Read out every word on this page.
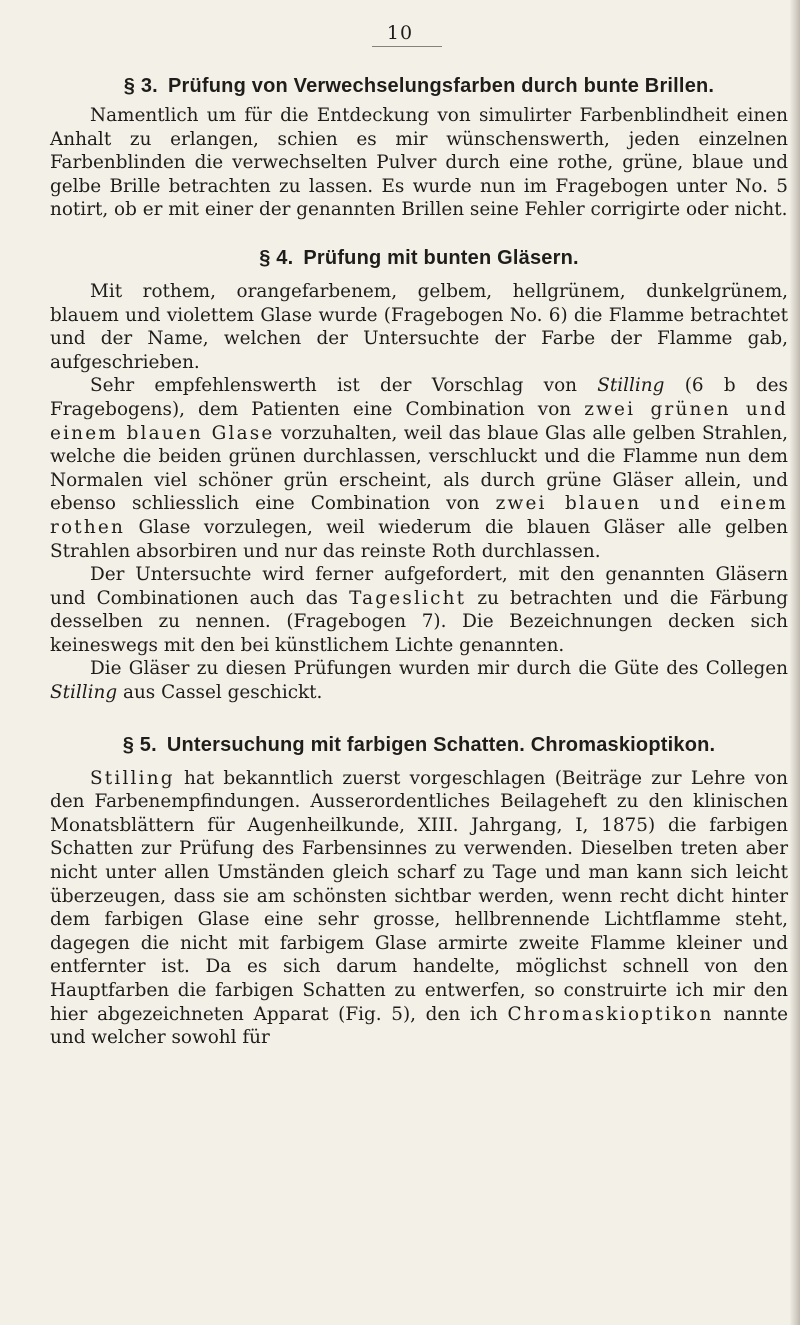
10
§ 3. Prüfung von Verwechselungsfarben durch bunte Brillen.

Namentlich um für die Entdeckung von simulirter Farbenblindheit einen Anhalt zu erlangen, schien es mir wünschenswerth, jeden einzelnen Farbenblinden die verwechselten Pulver durch eine rothe, grüne, blaue und gelbe Brille betrachten zu lassen. Es wurde nun im Fragebogen unter No. 5 notirt, ob er mit einer der genannten Brillen seine Fehler corrigirte oder nicht.

§ 4. Prüfung mit bunten Gläsern.

Mit rothem, orangefarbenem, gelbem, hellgrünem, dunkelgrünem, blauem und violettem Glase wurde (Fragebogen No. 6) die Flamme betrachtet und der Name, welchen der Untersuchte der Farbe der Flamme gab, aufgeschrieben.

Sehr empfehlenswerth ist der Vorschlag von Stilling (6 b des Fragebogens), dem Patienten eine Combination von zwei grünen und einem blauen Glase vorzuhalten, weil das blaue Glas alle gelben Strahlen, welche die beiden grünen durchlassen, verschluckt und die Flamme nun dem Normalen viel schöner grün erscheint, als durch grüne Gläser allein, und ebenso schliesslich eine Combination von zwei blauen und einem rothen Glase vorzulegen, weil wiederum die blauen Gläser alle gelben Strahlen absorbiren und nur das reinste Roth durchlassen.

Der Untersuchte wird ferner aufgefordert, mit den genannten Gläsern und Combinationen auch das Tageslicht zu betrachten und die Färbung desselben zu nennen. (Fragebogen 7). Die Bezeichnungen decken sich keineswegs mit den bei künstlichem Lichte genannten.

Die Gläser zu diesen Prüfungen wurden mir durch die Güte des Collegen Stilling aus Cassel geschickt.

§ 5. Untersuchung mit farbigen Schatten. Chromaskioptikon.

Stilling hat bekanntlich zuerst vorgeschlagen (Beiträge zur Lehre von den Farbenempfindungen. Ausserordentliches Beilageheft zu den klinischen Monatsblättern für Augenheilkunde, XIII. Jahrgang, I, 1875) die farbigen Schatten zur Prüfung des Farbensinnes zu verwenden. Dieselben treten aber nicht unter allen Umständen gleich scharf zu Tage und man kann sich leicht überzeugen, dass sie am schönsten sichtbar werden, wenn recht dicht hinter dem farbigen Glase eine sehr grosse, hellbrennende Lichtflamme steht, dagegen die nicht mit farbigem Glase armirte zweite Flamme kleiner und entfernter ist. Da es sich darum handelte, möglichst schnell von den Hauptfarben die farbigen Schatten zu entwerfen, so construirte ich mir den hier abgezeichneten Apparat (Fig. 5), den ich Chromaskioptikon nannte und welcher sowohl für
